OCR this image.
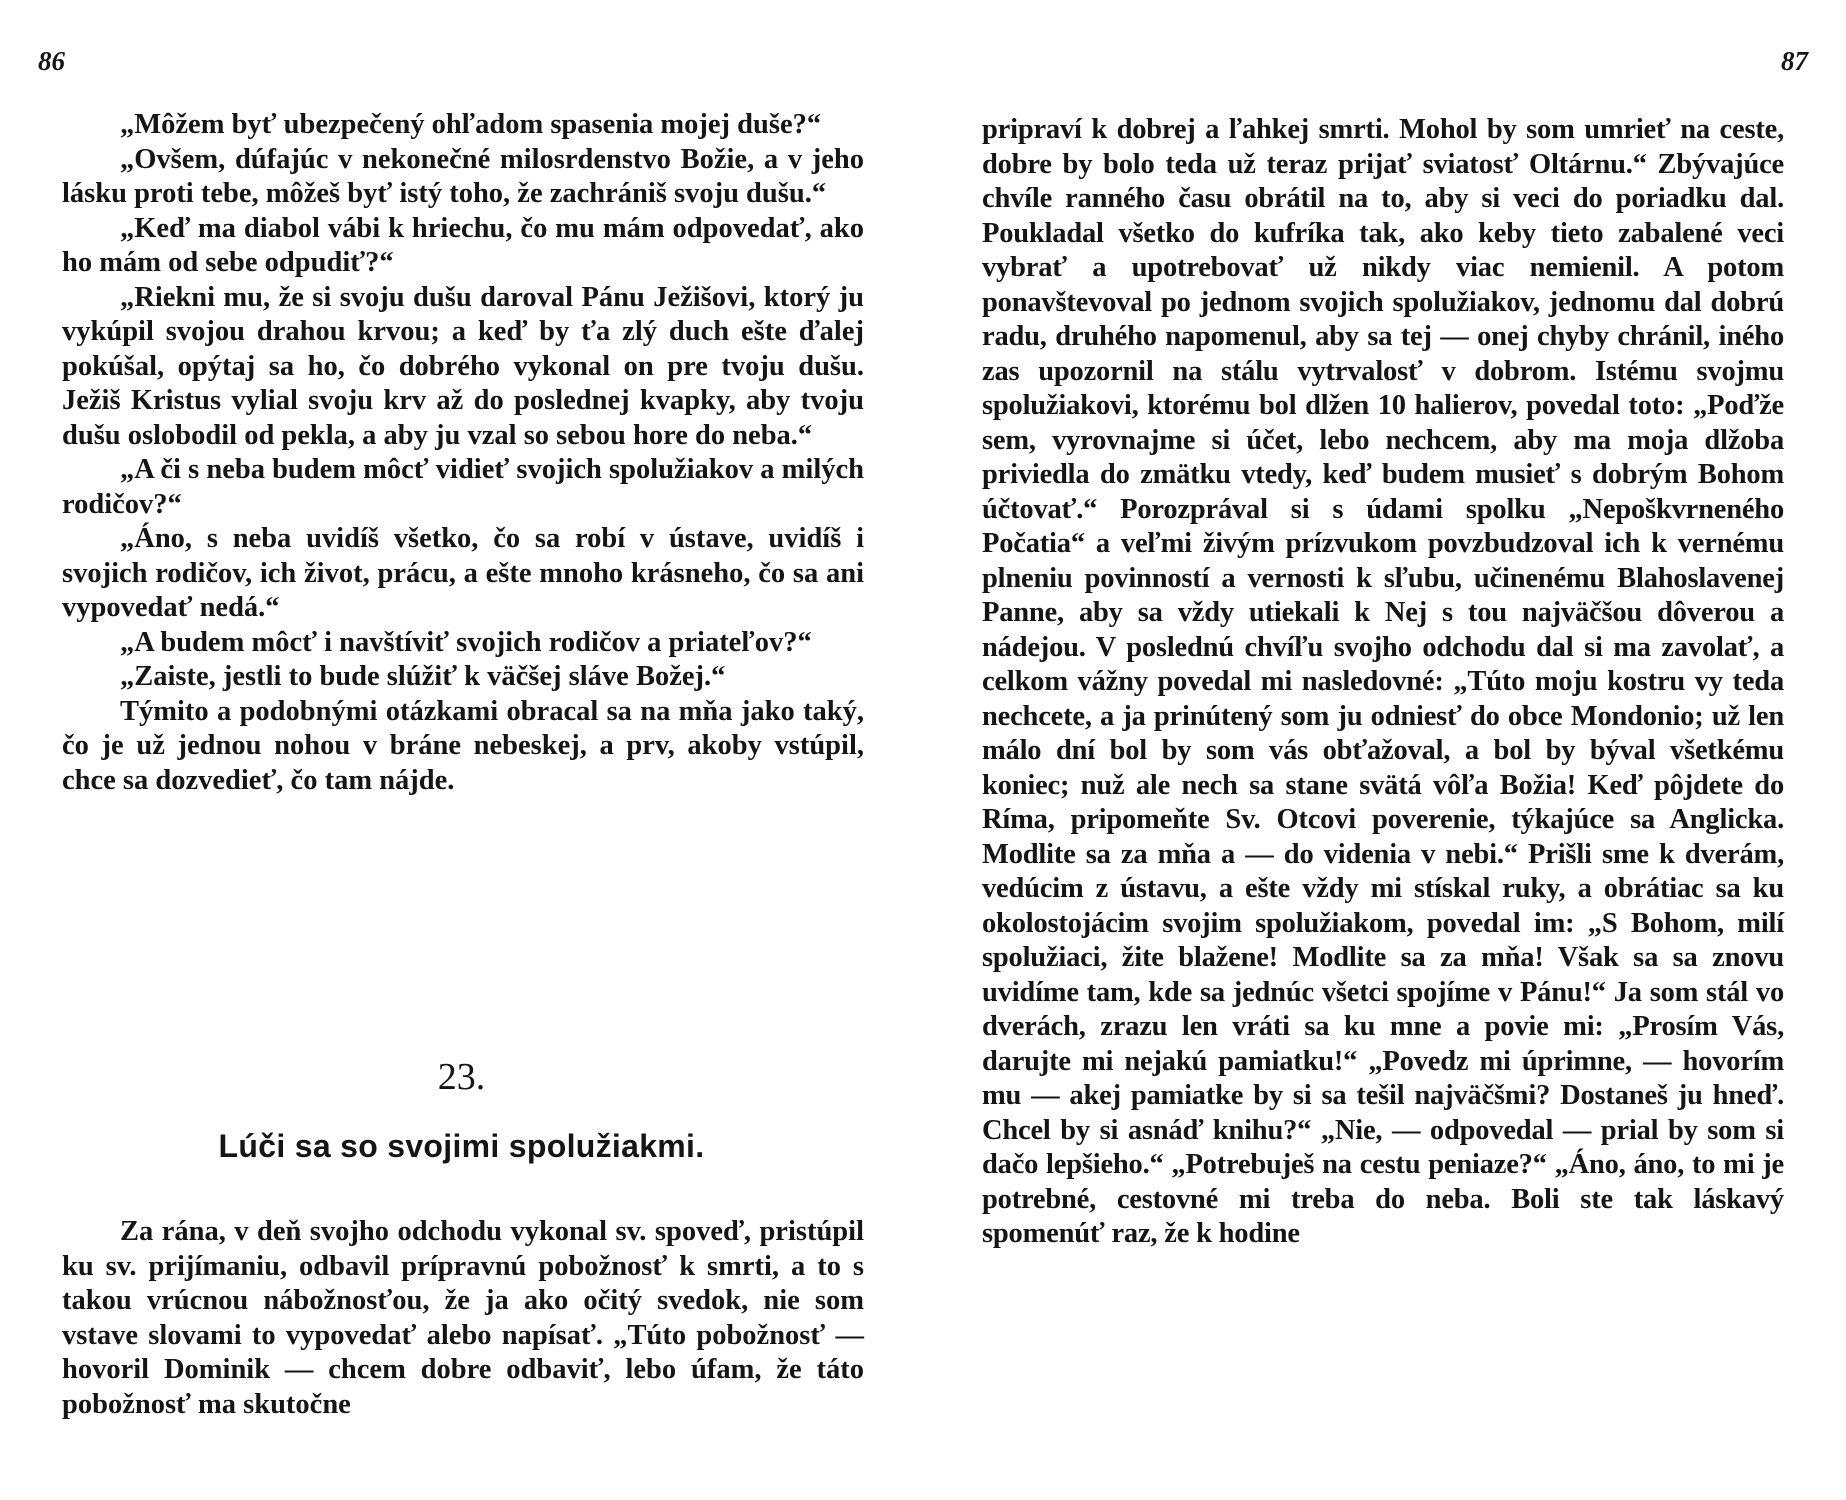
86

„Môžem byť ubezpečený ohľadom spasenia mojej duše?“

„Ovšem, dúfajúc v nekonečné milosrdenstvo Božie, a v jeho lásku proti tebe, môžeš byť istý toho, že zachrániš svoju dušu.“

„Keď ma diabol vábi k hriechu, čo mu mám odpovedať, ako ho mám od sebe odpudiť?“

„Riekni mu, že si svoju dušu daroval Pánu Ježišovi, ktorý ju vykúpil svojou drahou krvou; a keď by ťa zlý duch ešte ďalej pokúšal, opýtaj sa ho, čo dobrého vykonal on pre tvoju dušu. Ježiš Kristus vylial svoju krv až do poslednej kvapky, aby tvoju dušu oslobodil od pekla, a aby ju vzal so sebou hore do neba.“

„A či s neba budem môcť vidieť svojich spolužiakov a milých rodičov?“

„Áno, s neba uvidíš všetko, čo sa robí v ústave, uvidíš i svojich rodičov, ich život, prácu, a ešte mnoho krásneho, čo sa ani vypovedať nedá.“

„A budem môcť i navštíviť svojich rodičov a priateľov?“

„Zaiste, jestli to bude slúžiť k väčšej sláve Božej.“

Týmito a podobnými otázkami obracal sa na mňa jako taký, čo je už jednou nohou v bráne nebeskej, a prv, akoby vstúpil, chce sa dozvedieť, čo tam nájde.

23.
Lúči sa so svojimi spolužiakmi.

Za rána, v deň svojho odchodu vykonal sv. spoveď, pristúpil ku sv. prijímaniu, odbavil prípravnú pobožnosť k smrti, a to s takou vrúcnou nábožnosťou, že ja ako očitý svedok, nie som vstave slovami to vypovedať alebo napísať. „Túto pobožnosť — hovoril Dominik — chcem dobre odbaviť, lebo úfam, že táto pobožnosť ma skutočne

87

pripraví k dobrej a ľahkej smrti. Mohol by som umrieť na ceste, dobre by bolo teda už teraz prijať sviatosť Oltárnu.“ Zbývajúce chvíle ranného času obrátil na to, aby si veci do poriadku dal. Poukladal všetko do kufríka tak, ako keby tieto zabalené veci vybrať a upotrebovať už nikdy viac nemienil. A potom ponavštevoval po jednom svojich spolužiakov, jednomu dal dobrú radu, druhého napomenul, aby sa tej — onej chyby chránil, iného zas upozornil na stálu vytrvalosť v dobrom. Istému svojmu spolužiakovi, ktorému bol dlžen 10 halierov, povedal toto: „Poďže sem, vyrovnajme si účet, lebo nechcem, aby ma moja dlžoba priviedla do zmätku vtedy, keď budem musieť s dobrým Bohom účtovať.“ Porozprával si s údami spolku „Nepoškvrneného Počatia“ a veľmi živým prízvukom povzbudzoval ich k vernému plneniu povinností a vernosti k sľubu, učinenému Blahoslavenej Panne, aby sa vždy utiekali k Nej s tou najväčšou dôverou a nádejou. V poslednú chvíľu svojho odchodu dal si ma zavolať, a celkom vážny povedal mi nasledovné: „Túto moju kostru vy teda nechcete, a ja prinútený som ju odniesť do obce Mondonio; už len málo dní bol by som vás obťažoval, a bol by býval všetkému koniec; nuž ale nech sa stane svätá vôľa Božia! Keď pôjdete do Ríma, pripomeňte Sv. Otcovi poverenie, týkajúce sa Anglicka. Modlite sa za mňa a — do videnia v nebi.“ Prišli sme k dverám, vedúcim z ústavu, a ešte vždy mi stískal ruky, a obrátiac sa ku okolostojácim svojim spolužiakom, povedal im: „S Bohom, milí spolužiaci, žite blažene! Modlite sa za mňa! Však sa sa znovu uvidíme tam, kde sa jednúc všetci spojíme v Pánu!“ Ja som stál vo dverách, zrazu len vráti sa ku mne a povie mi: „Prosím Vás, darujte mi nejakú pamiatku!“ „Povedz mi úprimne, — hovorím mu — akej pamiatke by si sa tešil najväčšmi? Dostaneš ju hneď. Chcel by si asnáď knihu?“ „Nie, — odpovedal — prial by som si dačo lepšieho.“ „Potrebuješ na cestu peniaze?“ „Áno, áno, to mi je potrebné, cestovné mi treba do neba. Boli ste tak láskavý spomenúť raz, že k hodine
